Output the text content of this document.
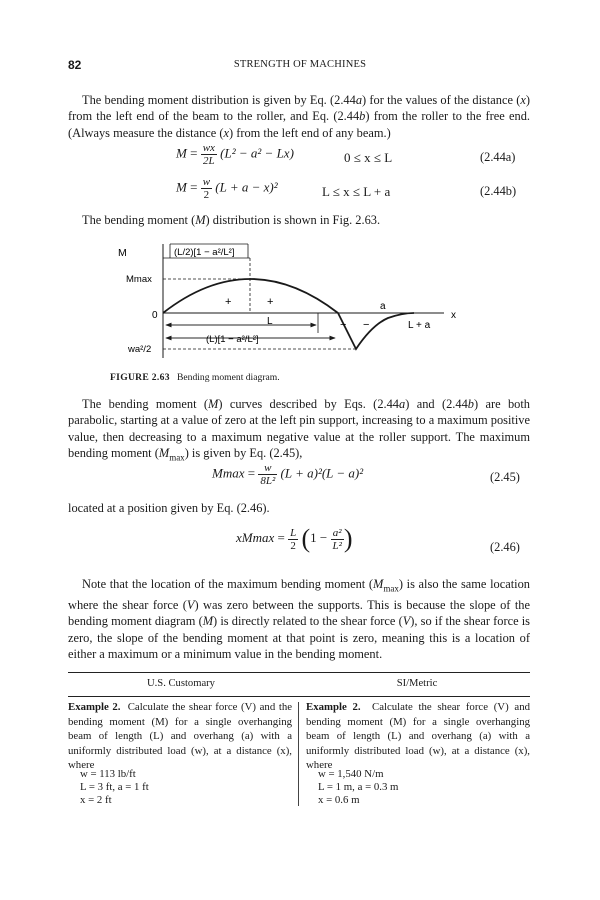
82	STRENGTH OF MACHINES
The bending moment distribution is given by Eq. (2.44a) for the values of the distance (x) from the left end of the beam to the roller, and Eq. (2.44b) from the roller to the free end. (Always measure the distance (x) from the left end of any beam.)
$M = \frac{wx}{2L} (L^2 - a^2 - Lx)$	0 ≤ x ≤ L	(2.44a)
$M = \frac{w}{2} (L + a - x)^2$	L ≤ x ≤ L + a	(2.44b)
The bending moment (M) distribution is shown in Fig. 2.63.
M
Mmax
0
wa²/2
(L/2)[1 − a²/L²]
(L)[1 − a²/L²]
L
a
L + a
x
+	+
− −
FIGURE 2.63 Bending moment diagram.
The bending moment (M) curves described by Eqs. (2.44a) and (2.44b) are both parabolic, starting at a value of zero at the left pin support, increasing to a maximum positive value, then decreasing to a maximum negative value at the roller support. The maximum bending moment $(M_{max})$ is given by Eq. (2.45),
$Mmax = \frac{w}{\text{8L²}} (L + a)^2(L - a)^2$	(2.45)
located at a position given by Eq. (2.46).
$xMmax = \frac{L}{2} (1 - \frac{\text{a²}}{\text{L²}}$ )	(2.46)
Note that the location of the maximum bending moment $(M_{max})$ is also the same location where the shear force (V) was zero between the supports. This is because the slope of the bending moment diagram (M) is directly related to the shear force (V), so if the shear force is zero, the slope of the bending moment at that point is zero, meaning this is a location of either a maximum or a minimum value in the bending moment.
U.S. Customary	SI/Metric
Example 2. Calculate the shear force (V) and the bending moment (M) for a single overhanging beam of length (L) and overhang (a) with a uniformly distributed load (w), at a distance (x), where
w = 113 lb/ft
L = 3 ft, a = 1 ft
x = 2 ft
Example 2. Calculate the shear force (V) and bending moment (M) for a single overhanging beam of length (L) and overhang (a) with a uniformly distributed load (w), at a distance (x), where
w = 1,540 N/m
L = 1 m, a = 0.3 m
x = 0.6 m
